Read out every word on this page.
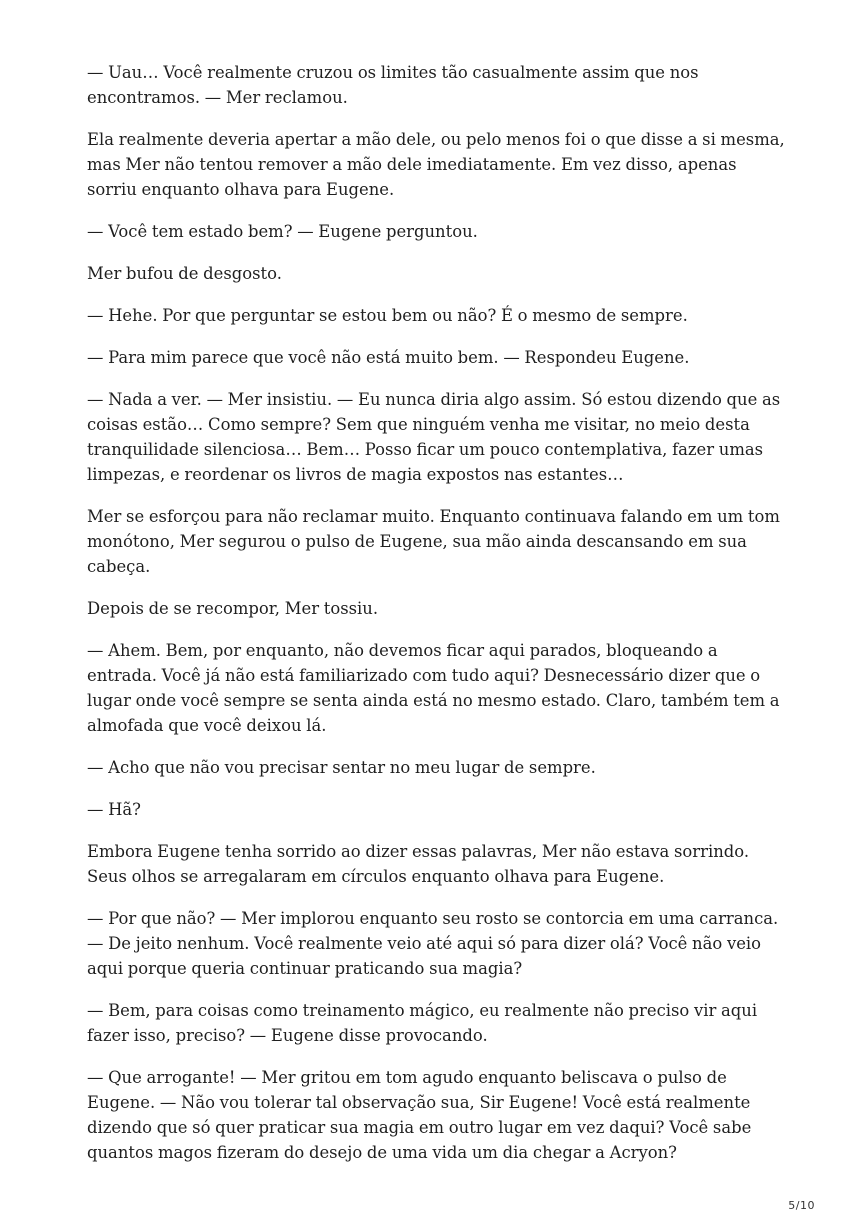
— Uau… Você realmente cruzou os limites tão casualmente assim que nos encontramos. — Mer reclamou.

Ela realmente deveria apertar a mão dele, ou pelo menos foi o que disse a si mesma, mas Mer não tentou remover a mão dele imediatamente. Em vez disso, apenas sorriu enquanto olhava para Eugene.

— Você tem estado bem? — Eugene perguntou.

Mer bufou de desgosto.

— Hehe. Por que perguntar se estou bem ou não? É o mesmo de sempre.

— Para mim parece que você não está muito bem. — Respondeu Eugene.

— Nada a ver. — Mer insistiu. — Eu nunca diria algo assim. Só estou dizendo que as coisas estão… Como sempre? Sem que ninguém venha me visitar, no meio desta tranquilidade silenciosa… Bem… Posso ficar um pouco contemplativa, fazer umas limpezas, e reordenar os livros de magia expostos nas estantes…

Mer se esforçou para não reclamar muito. Enquanto continuava falando em um tom monótono, Mer segurou o pulso de Eugene, sua mão ainda descansando em sua cabeça.

Depois de se recompor, Mer tossiu.

— Ahem. Bem, por enquanto, não devemos ficar aqui parados, bloqueando a entrada. Você já não está familiarizado com tudo aqui? Desnecessário dizer que o lugar onde você sempre se senta ainda está no mesmo estado. Claro, também tem a almofada que você deixou lá.

— Acho que não vou precisar sentar no meu lugar de sempre.

— Hã?

Embora Eugene tenha sorrido ao dizer essas palavras, Mer não estava sorrindo. Seus olhos se arregalaram em círculos enquanto olhava para Eugene.

— Por que não? — Mer implorou enquanto seu rosto se contorcia em uma carranca. — De jeito nenhum. Você realmente veio até aqui só para dizer olá? Você não veio aqui porque queria continuar praticando sua magia?

— Bem, para coisas como treinamento mágico, eu realmente não preciso vir aqui fazer isso, preciso? — Eugene disse provocando.

— Que arrogante! — Mer gritou em tom agudo enquanto beliscava o pulso de Eugene. — Não vou tolerar tal observação sua, Sir Eugene! Você está realmente dizendo que só quer praticar sua magia em outro lugar em vez daqui? Você sabe quantos magos fizeram do desejo de uma vida um dia chegar a Acryon?

5/10
